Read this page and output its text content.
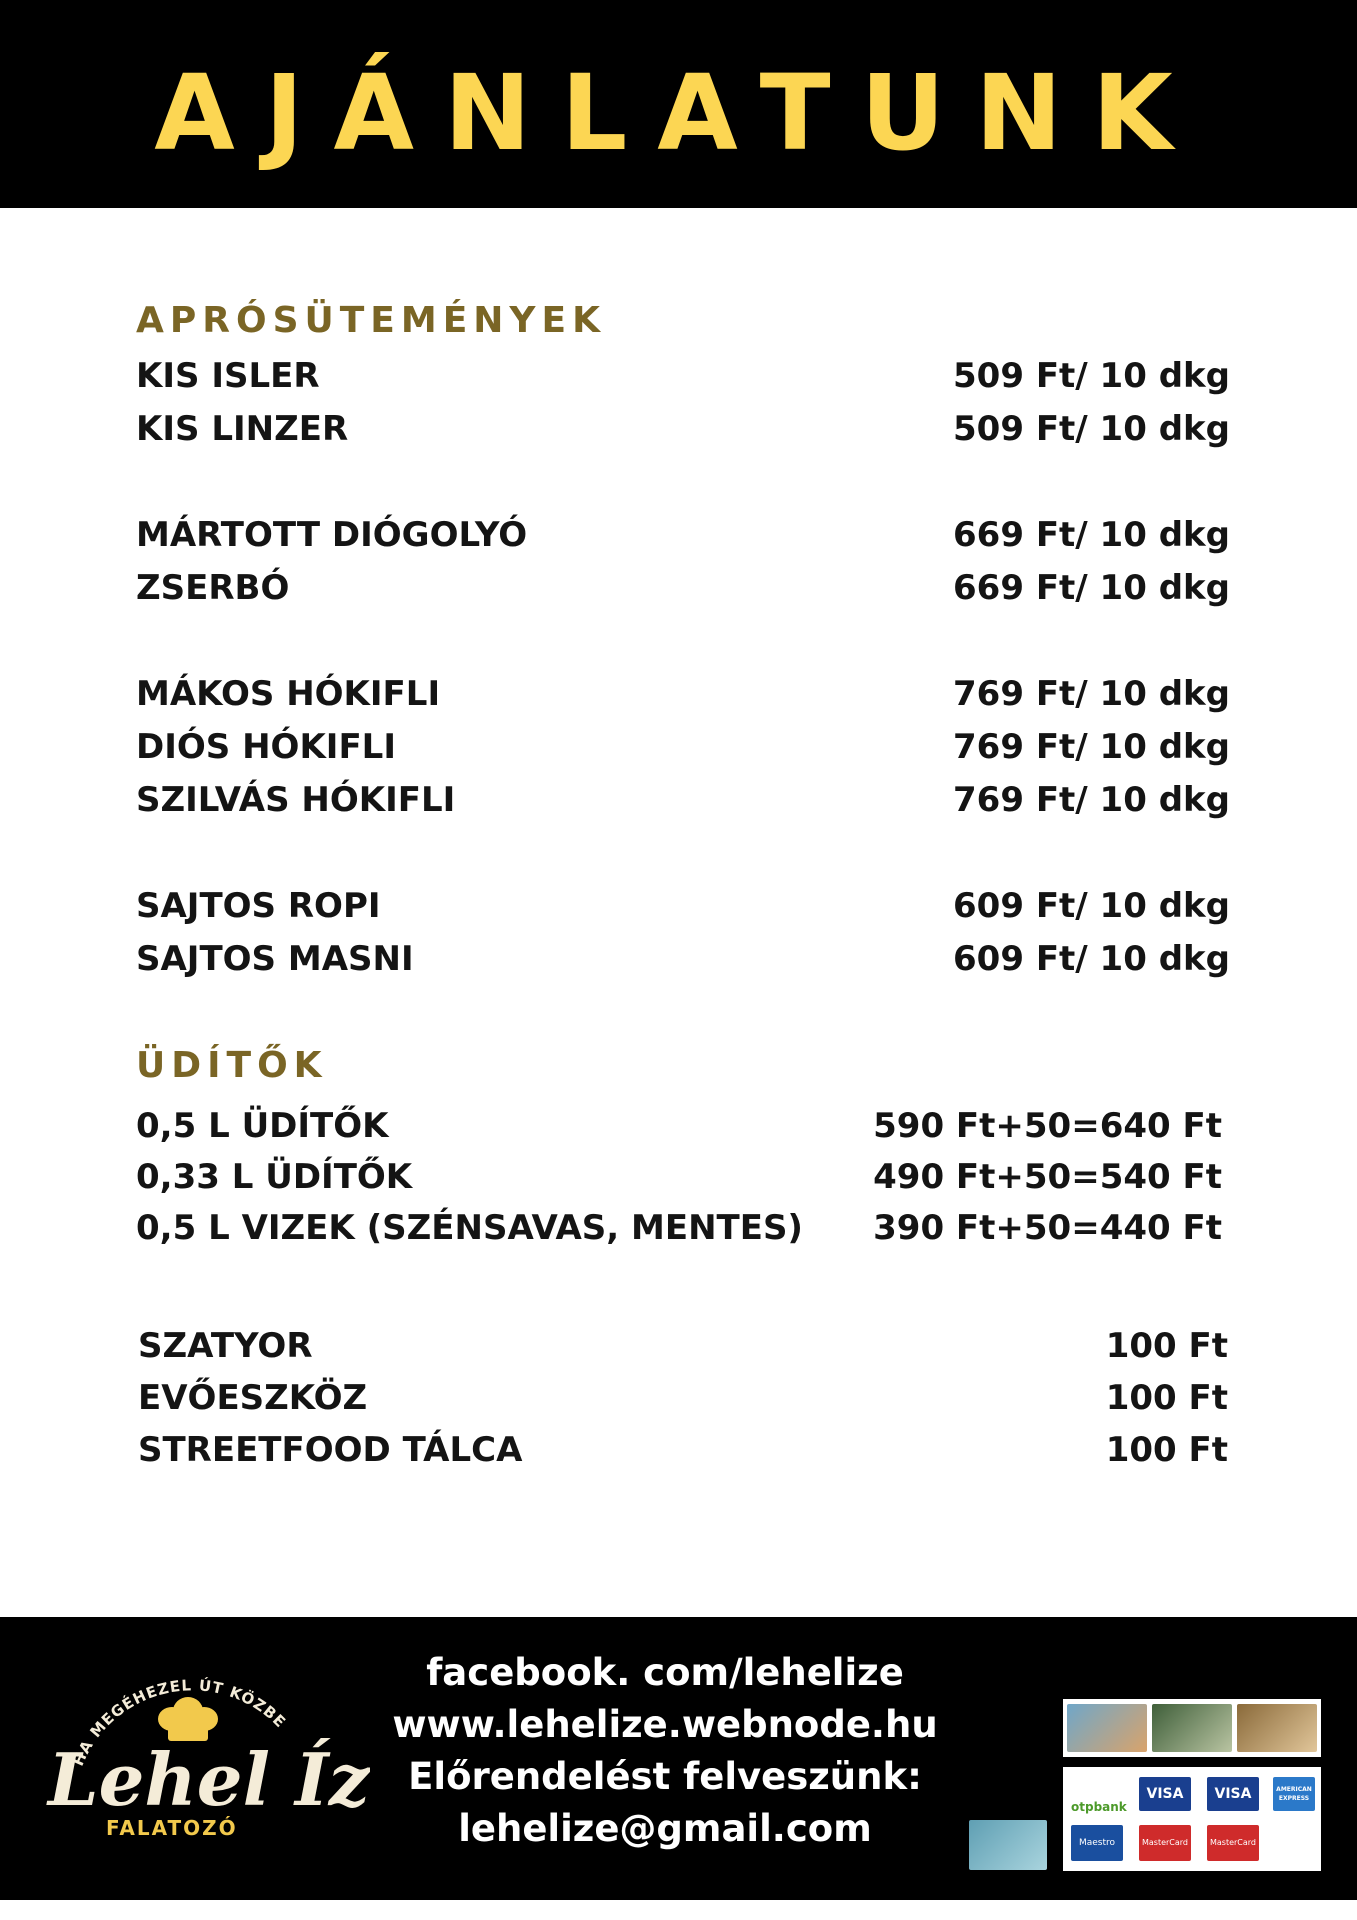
AJÁNLATUNK
APRÓSÜTEMÉNYEK
KIS ISLER	509 Ft/ 10 dkg
KIS LINZER	509 Ft/ 10 dkg
MÁRTOTT DIÓGOLYÓ	669 Ft/ 10 dkg
ZSERBÓ	669 Ft/ 10 dkg
MÁKOS HÓKIFLI	769 Ft/ 10 dkg
DIÓS HÓKIFLI	769 Ft/ 10 dkg
SZILVÁS HÓKIFLI	769 Ft/ 10 dkg
SAJTOS ROPI	609 Ft/ 10 dkg
SAJTOS MASNI	609 Ft/ 10 dkg
ÜDÍTŐK
0,5 L ÜDÍTŐK	590 Ft+50=640 Ft
0,33 L ÜDÍTŐK	490 Ft+50=540 Ft
0,5 L VIZEK (SZÉNSAVAS, MENTES) 390 Ft+50=440 Ft
SZATYOR	100 Ft
EVŐESZKÖZ	100 Ft
STREETFOOD TÁLCA	100 Ft
HA MEGÉHEZEL ÚT KÖZBE
Lehel Íz
FALATOZÓ
facebook. com/lehelize
www.lehelize.webnode.hu
Előrendelést felveszünk:
lehelize@gmail.com	otpbank
VISA	VISA	AMERICAN EXPRESS
Maestro	MasterCard	MasterCard
